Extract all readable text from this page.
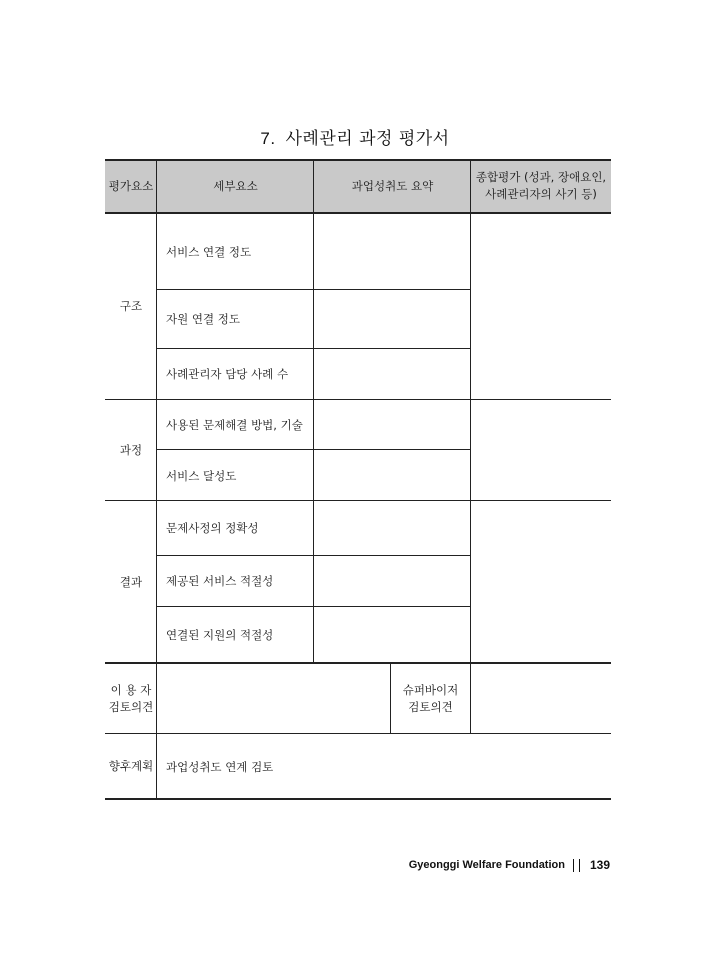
7. 사례관리 과정 평가서
평가요소	세부요소	과업성취도 요약
종합평가 (성과, 장애요인,
사례관리자의 사기 등)
구조
서비스 연결 정도
자원 연결 정도
사례관리자 담당 사례 수
과정
사용된 문제해결 방법, 기술
서비스 달성도
결과
문제사정의 정확성
제공된 서비스 적절성
연결된 지원의 적절성
이 용 자
검토의견
슈퍼바이저
검토의견
향후계획 과업성취도 연계 검토
Gyeonggi Welfare Foundation 139
